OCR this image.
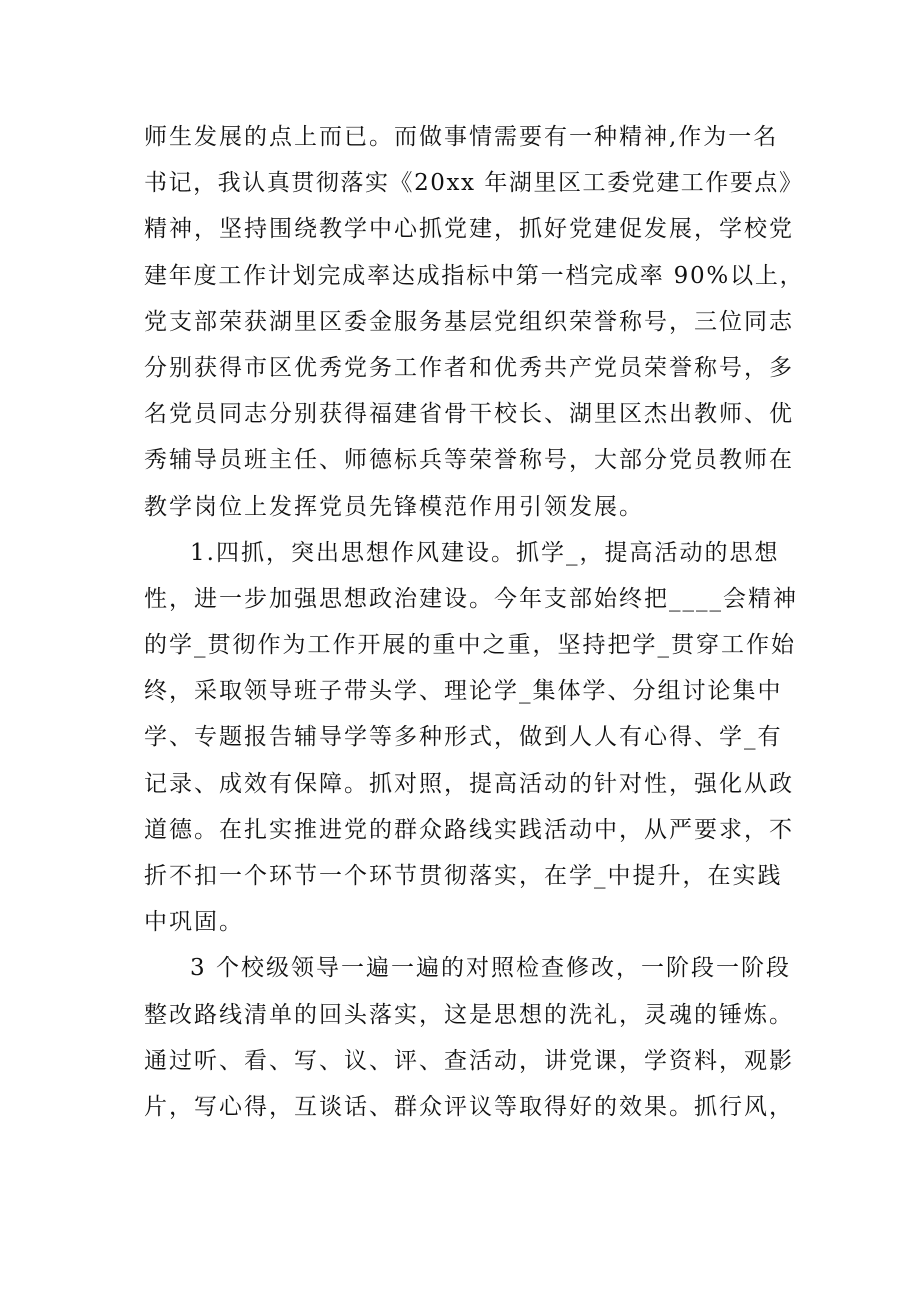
师生发展的点上而已。而做事情需要有一种精神,作为一名
书记，我认真贯彻落实《20xx 年湖里区工委党建工作要点》
精神，坚持围绕教学中心抓党建，抓好党建促发展，学校党
建年度工作计划完成率达成指标中第一档完成率 90%以上，
党支部荣获湖里区委金服务基层党组织荣誉称号，三位同志
分别获得市区优秀党务工作者和优秀共产党员荣誉称号，多
名党员同志分别获得福建省骨干校长、湖里区杰出教师、优
秀辅导员班主任、师德标兵等荣誉称号，大部分党员教师在
教学岗位上发挥党员先锋模范作用引领发展。
1.四抓，突出思想作风建设。抓学_，提高活动的思想
性，进一步加强思想政治建设。今年支部始终把____会精神
的学_贯彻作为工作开展的重中之重，坚持把学_贯穿工作始
终，采取领导班子带头学、理论学_集体学、分组讨论集中
学、专题报告辅导学等多种形式，做到人人有心得、学_有
记录、成效有保障。抓对照，提高活动的针对性，强化从政
道德。在扎实推进党的群众路线实践活动中，从严要求，不
折不扣一个环节一个环节贯彻落实，在学_中提升，在实践
中巩固。
3 个校级领导一遍一遍的对照检查修改，一阶段一阶段
整改路线清单的回头落实，这是思想的洗礼，灵魂的锤炼。
通过听、看、写、议、评、查活动，讲党课，学资料，观影
片，写心得，互谈话、群众评议等取得好的效果。抓行风，
